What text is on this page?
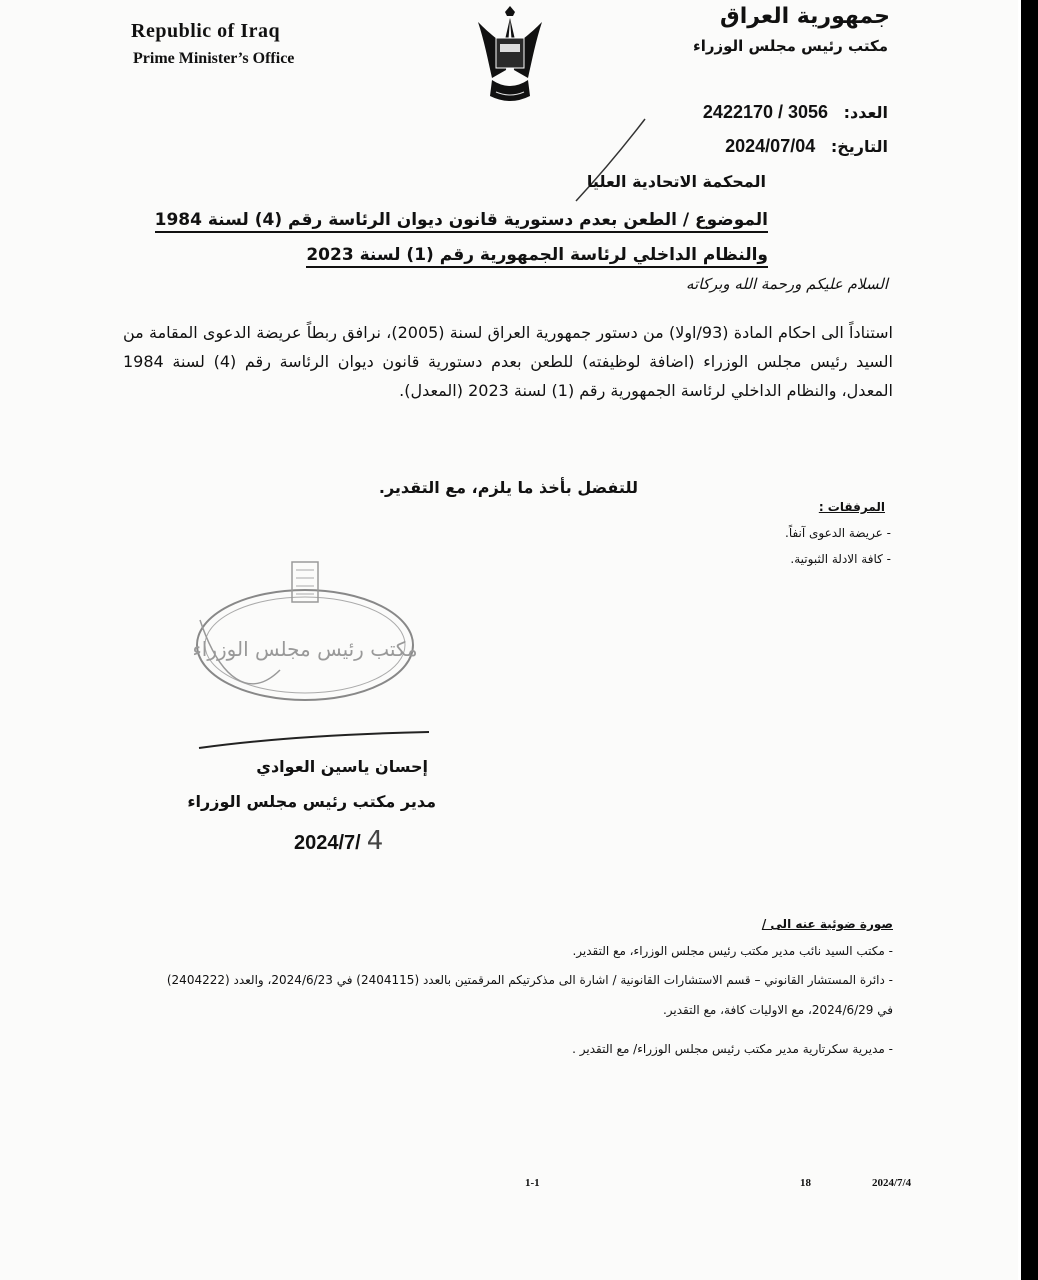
Republic of Iraq
Prime Minister’s Office
جمهورية العراق
مكتب رئيس مجلس الوزراء
العدد: 2422170 / 3056
التاريخ: 2024/07/04
المحكمة الاتحادية العليا
الموضوع / الطعن بعدم دستورية قانون ديوان الرئاسة رقم (4) لسنة 1984
والنظام الداخلي لرئاسة الجمهورية رقم (1) لسنة 2023
السلام عليكم ورحمة الله وبركاته
استناداً الى احكام المادة (93/اولا) من دستور جمهورية العراق لسنة (2005)، نرافق ربطاً عريضة الدعوى المقامة من السيد رئيس مجلس الوزراء (اضافة لوظيفته) للطعن بعدم دستورية قانون ديوان الرئاسة رقم (4) لسنة 1984 المعدل، والنظام الداخلي لرئاسة الجمهورية رقم (1) لسنة 2023 (المعدل).
للتفضل بأخذ ما يلزم، مع التقدير.
المرفقات :
- عريضة الدعوى آنفاً.
- كافة الادلة الثبوتية.
مكتب رئيس مجلس الوزراء
إحسان ياسين العوادي
مدير مكتب رئيس مجلس الوزراء
2024/7/ 4
صورة ضوئية عنه الى /
- مكتب السيد نائب مدير مكتب رئيس مجلس الوزراء، مع التقدير.
- دائرة المستشار القانوني – قسم الاستشارات القانونية / اشارة الى مذكرتيكم المرقمتين بالعدد (2404115) في 2024/6/23، والعدد (2404222)
في 2024/6/29، مع الاوليات كافة، مع التقدير.
- مديرية سكرتارية مدير مكتب رئيس مجلس الوزراء/ مع التقدير .
1-1	18	2024/7/4
